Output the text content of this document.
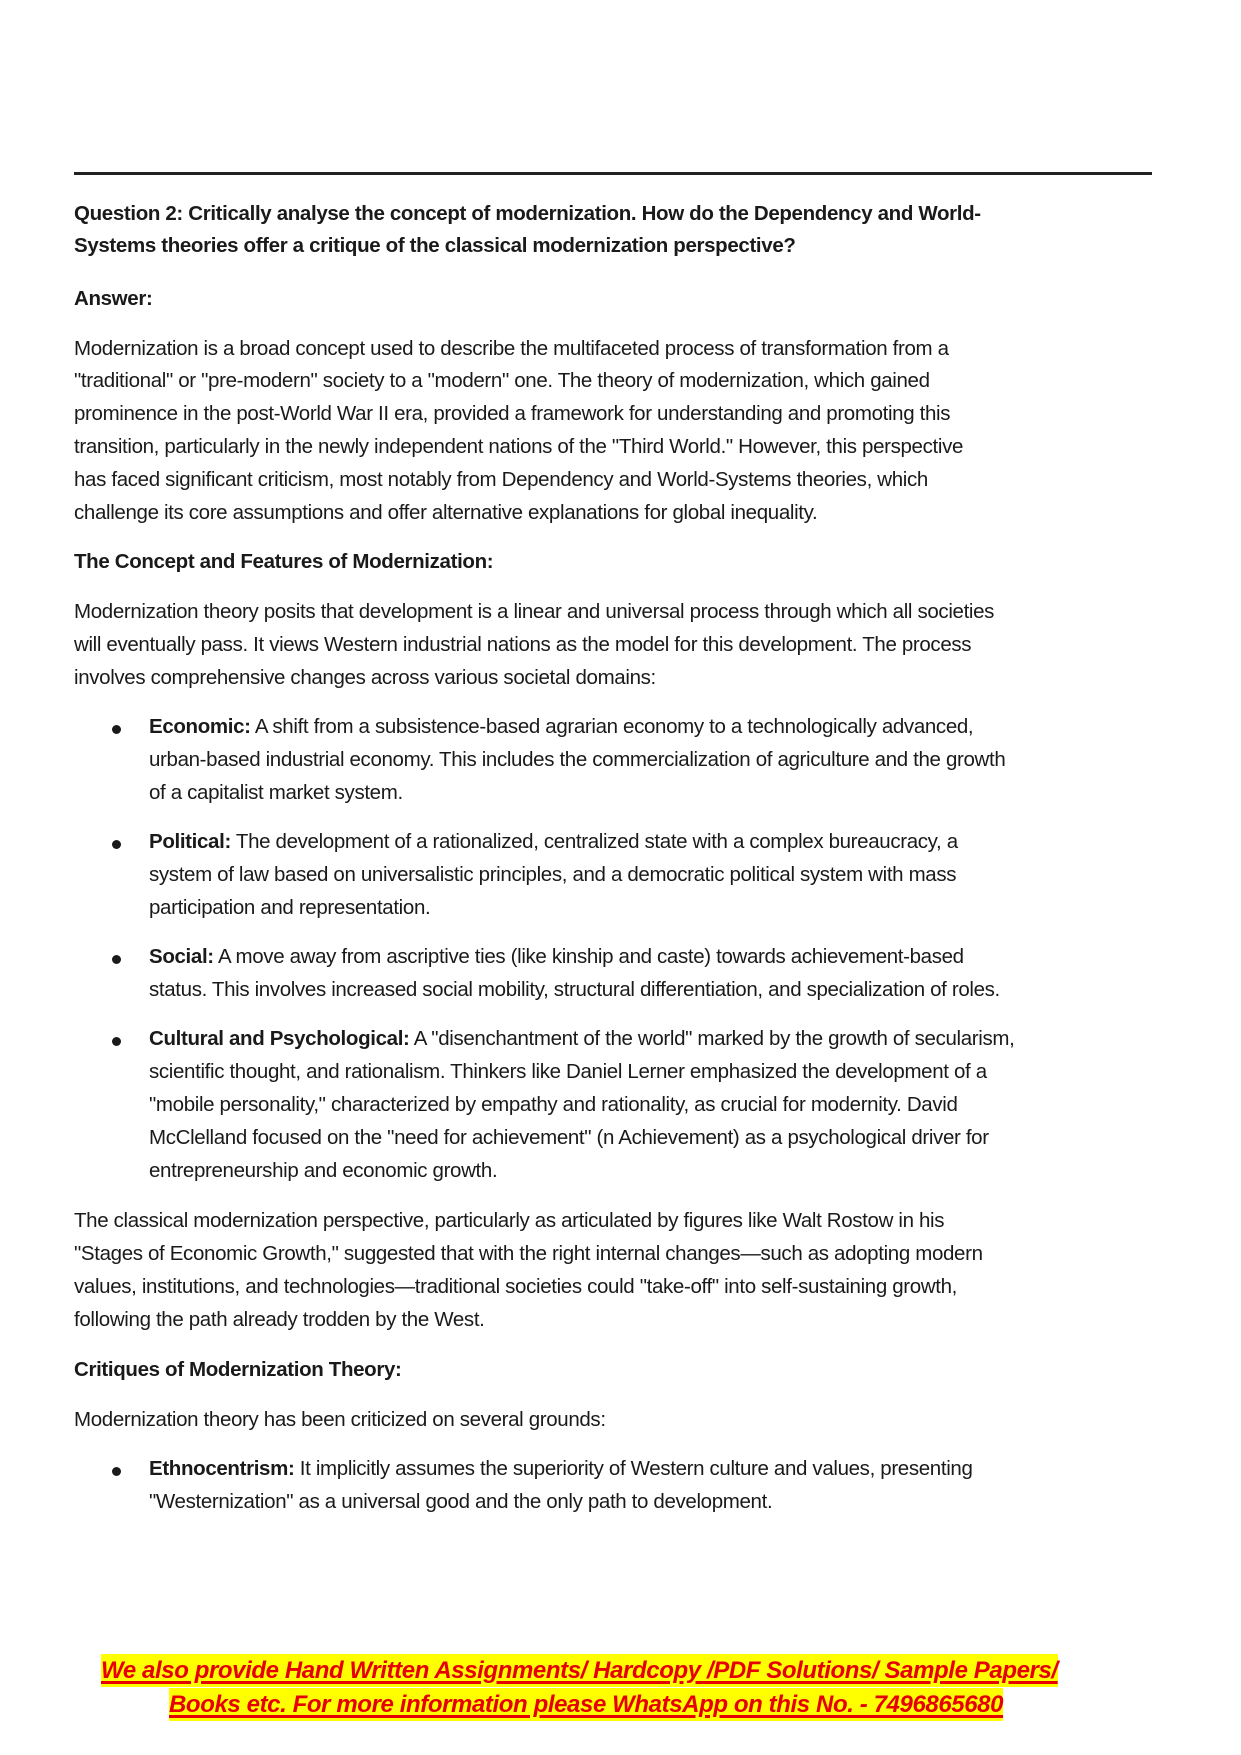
Question 2: Critically analyse the concept of modernization. How do the Dependency and World-
Systems theories offer a critique of the classical modernization perspective?
Answer:
Modernization is a broad concept used to describe the multifaceted process of transformation from a
"traditional" or "pre-modern" society to a "modern" one. The theory of modernization, which gained
prominence in the post-World War II era, provided a framework for understanding and promoting this
transition, particularly in the newly independent nations of the "Third World." However, this perspective
has faced significant criticism, most notably from Dependency and World-Systems theories, which
challenge its core assumptions and offer alternative explanations for global inequality.
The Concept and Features of Modernization:
Modernization theory posits that development is a linear and universal process through which all societies
will eventually pass. It views Western industrial nations as the model for this development. The process
involves comprehensive changes across various societal domains:
Economic: A shift from a subsistence-based agrarian economy to a technologically advanced,
urban-based industrial economy. This includes the commercialization of agriculture and the growth
of a capitalist market system.
Political: The development of a rationalized, centralized state with a complex bureaucracy, a
system of law based on universalistic principles, and a democratic political system with mass
participation and representation.
Social: A move away from ascriptive ties (like kinship and caste) towards achievement-based
status. This involves increased social mobility, structural differentiation, and specialization of roles.
Cultural and Psychological: A "disenchantment of the world" marked by the growth of secularism,
scientific thought, and rationalism. Thinkers like Daniel Lerner emphasized the development of a
"mobile personality," characterized by empathy and rationality, as crucial for modernity. David
McClelland focused on the "need for achievement" (n Achievement) as a psychological driver for
entrepreneurship and economic growth.
The classical modernization perspective, particularly as articulated by figures like Walt Rostow in his
"Stages of Economic Growth," suggested that with the right internal changes—such as adopting modern
values, institutions, and technologies—traditional societies could "take-off" into self-sustaining growth,
following the path already trodden by the West.
Critiques of Modernization Theory:
Modernization theory has been criticized on several grounds:
Ethnocentrism: It implicitly assumes the superiority of Western culture and values, presenting
"Westernization" as a universal good and the only path to development.
We also provide Hand Written Assignments/ Hardcopy /PDF Solutions/ Sample Papers/
Books etc. For more information please WhatsApp on this No. - 7496865680
